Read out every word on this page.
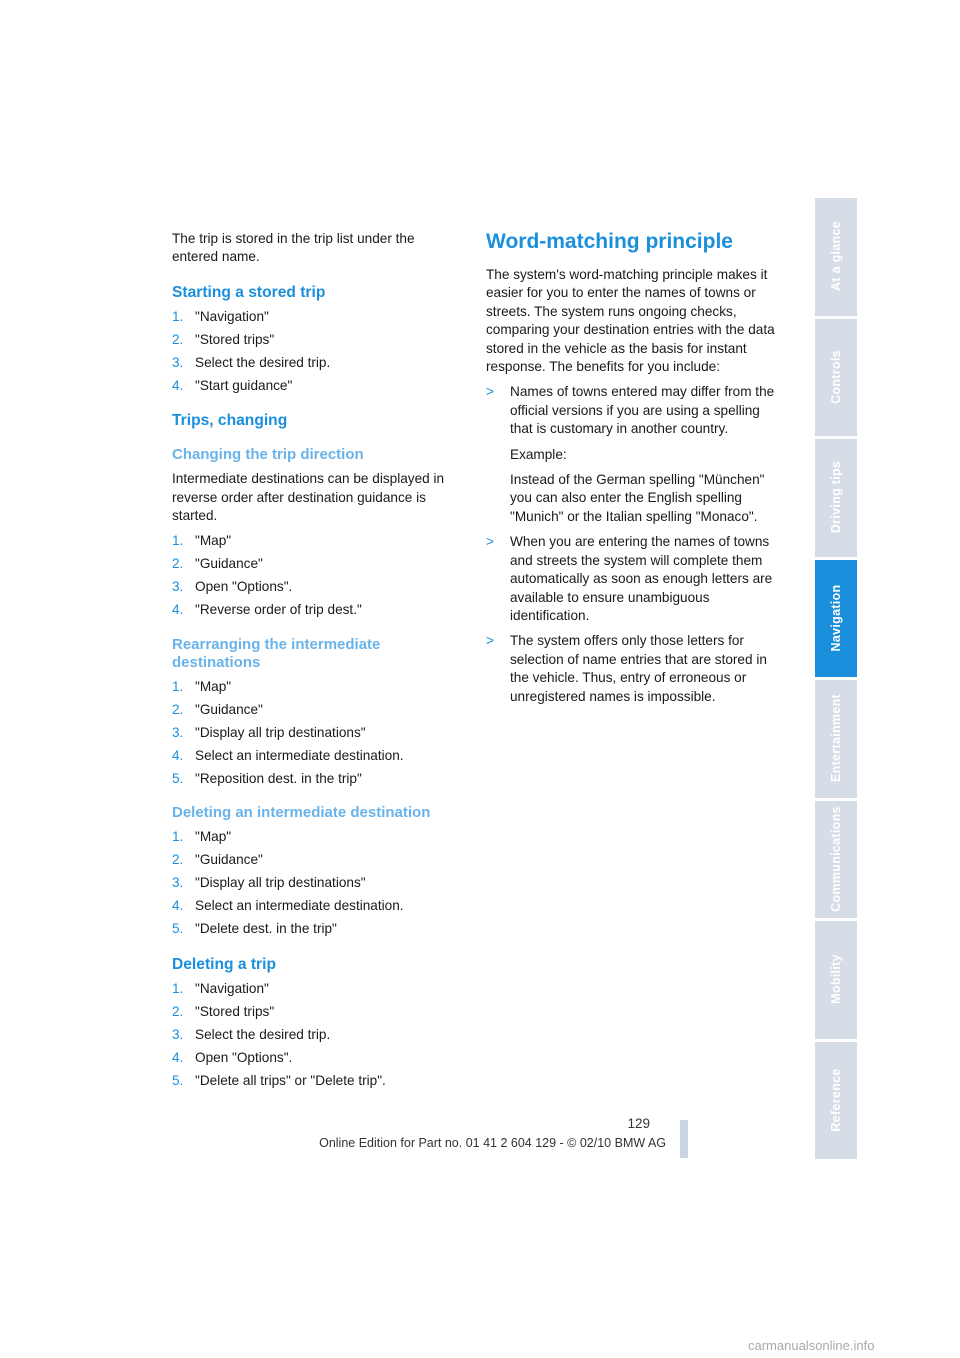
The trip is stored in the trip list under the entered name.

Starting a stored trip
1. "Navigation"
2. "Stored trips"
3. Select the desired trip.
4. "Start guidance"
Trips, changing
Changing the trip direction

Intermediate destinations can be displayed in reverse order after destination guidance is started.

1. "Map"
2. "Guidance"
3. Open "Options".
4. "Reverse order of trip dest."
Rearranging the intermediate destinations
1. "Map"
2. "Guidance"
3. "Display all trip destinations"
4. Select an intermediate destination.
5. "Reposition dest. in the trip"
Deleting an intermediate destination
1. "Map"
2. "Guidance"
3. "Display all trip destinations"
4. Select an intermediate destination.
5. "Delete dest. in the trip"
Deleting a trip
1. "Navigation"
2. "Stored trips"
3. Select the desired trip.
4. Open "Options".
5. "Delete all trips" or "Delete trip".
Word-matching principle

The system's word-matching principle makes it easier for you to enter the names of towns or streets. The system runs ongoing checks, comparing your destination entries with the data stored in the vehicle as the basis for instant response. The benefits for you include:

> Names of towns entered may differ from the official versions if you are using a spelling that is customary in another country.

Example:

Instead of the German spelling "München" you can also enter the English spelling "Munich" or the Italian spelling "Monaco".

> When you are entering the names of towns and streets the system will complete them automatically as soon as enough letters are available to ensure unambiguous identification.

> The system offers only those letters for selection of name entries that are stored in the vehicle. Thus, entry of erroneous or unregistered names is impossible.

At a glance
Controls
Driving tips
Navigation
Entertainment
Communications
Mobility
Reference
129
Online Edition for Part no. 01 41 2 604 129 - © 02/10 BMW AG
carmanualsonline.info
